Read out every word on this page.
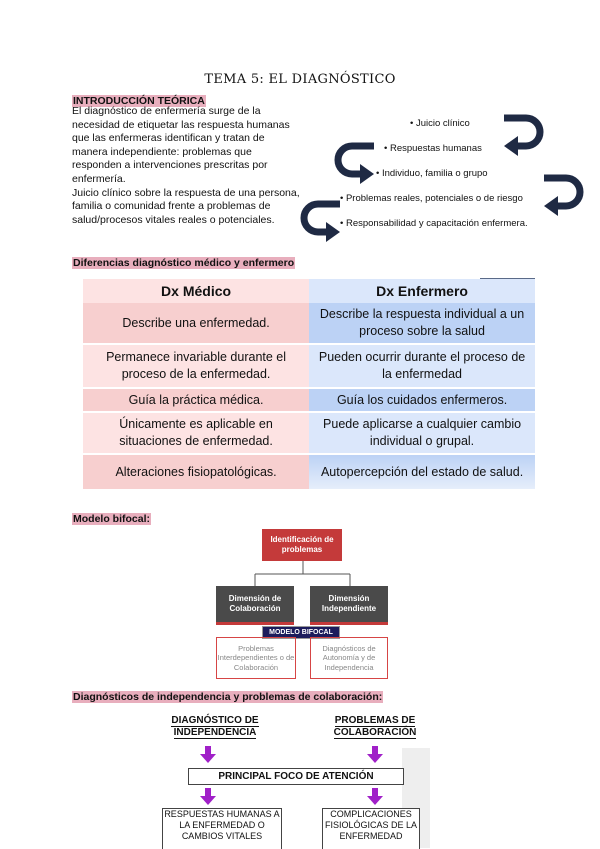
TEMA 5: EL DIAGNÓSTICO
INTRODUCCIÓN TEÓRICA

El diagnóstico de enfermería surge de la necesidad de etiquetar las respuesta humanas que las enfermeras identifican y tratan de manera independiente: problemas que responden a intervenciones prescritas por enfermería.

Juicio clínico sobre la respuesta de una persona, familia o comunidad frente a problemas de salud/procesos vitales reales o potenciales.

• Juicio clínico
• Respuestas humanas
• Individuo, familia o grupo
• Problemas reales, potenciales o de riesgo
• Responsabilidad y capacitación enfermera.
Diferencias diagnóstico médico y enfermero
Dx Médico	Dx Enfermero
Describe una enfermedad.	Describe la respuesta individual a un proceso sobre la salud
Permanece invariable durante el proceso de la enfermedad.	Pueden ocurrir durante el proceso de la enfermedad
Guía la práctica médica.	Guía los cuidados enfermeros.
Únicamente es aplicable en situaciones de enfermedad.	Puede aplicarse a cualquier cambio individual o grupal.
Alteraciones fisiopatológicas.	Autopercepción del estado de salud.
Modelo bifocal:
Identificación de problemas
Dimensión de Colaboración
Dimensión Independiente
MODELO BIFOCAL
Problemas Interdependientes o de Colaboración
Diagnósticos de Autonomía y de Independencia
Diagnósticos de independencia y problemas de colaboración:
DIAGNÓSTICO DE INDEPENDENCIA
PROBLEMAS DE COLABORACIÓN
PRINCIPAL FOCO DE ATENCIÓN
RESPUESTAS HUMANAS A LA ENFERMEDAD O CAMBIOS VITALES
COMPLICACIONES FISIOLÓGICAS DE LA ENFERMEDAD
